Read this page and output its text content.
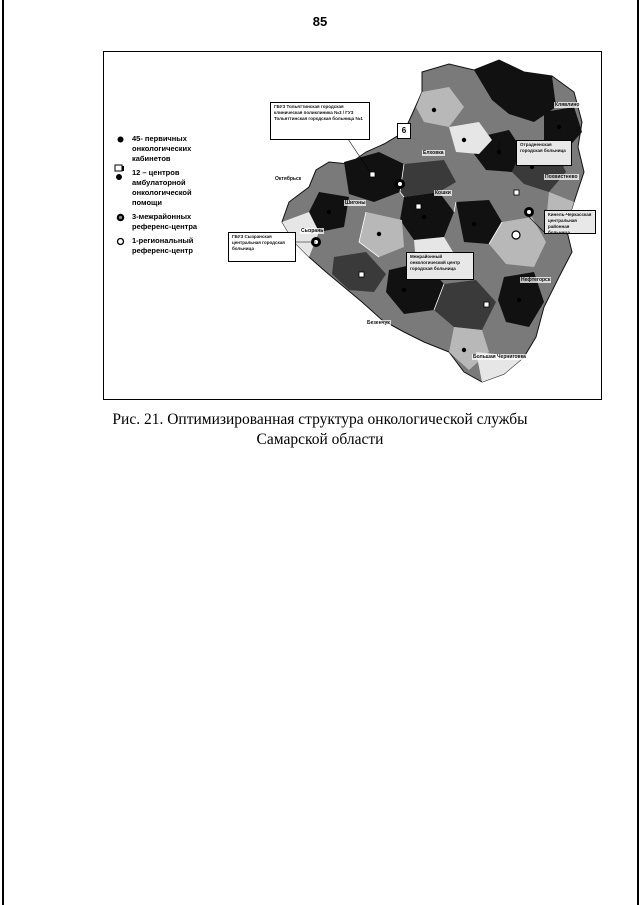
85
45- первичных
онкологических
кабинетов
12 – центров
амбулаторной
онкологической
помощи
3-межрайонных
референс-центра
1-региональный
референс-центр
ГБУЗ Тольяттинская городская клиническая поликлиника №3 / ГУЗ Тольяттинская городская больница №1
ГБУЗ Сызранская центральная городская больница
Межрайонный онкологический центр городская больница
Кинель-Черкасская центральная районная больница
Отрадненская городская больница
6
Елховка
Октябрьск
Сызрань
Нефтегорск
Большая Черниговка
Кошки
Клявлино
Похвистнево
Шигоны
Безенчук
Рис. 21. Оптимизированная структура онкологической службы
Самарской области
